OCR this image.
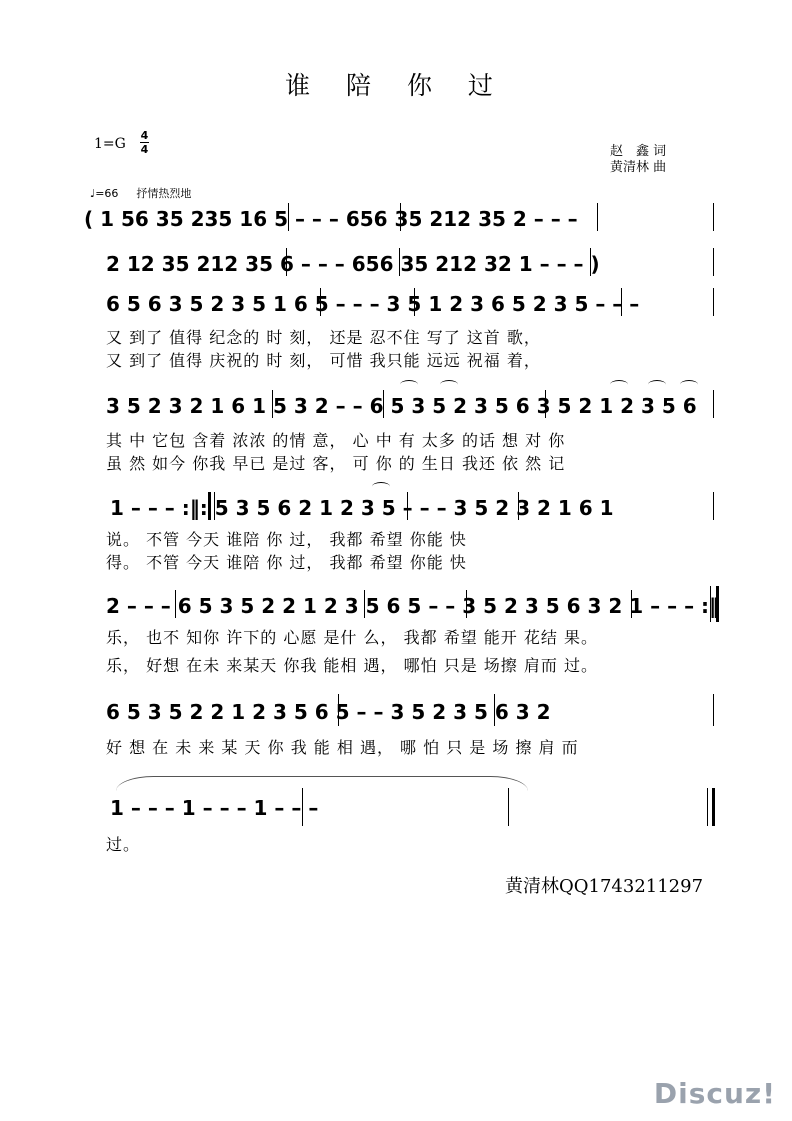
谁 陪 你 过
1=G
4
4	赵　鑫 词
黄清林 曲
♩=66 抒情热烈地
( 1 56 35 235 16 5 – – – 656 35 212 35 2 – – –
2 12 35 212 35 6 – – – 656 35 212 32 1 – – – )
6 5 6 3 5 2 3 5 1 6 5 – – – 3 5 1 2 3 6 5 2 3 5 – – –
又 到了 值得 纪念的 时 刻， 还是 忍不住 写了 这首 歌，
又 到了 值得 庆祝的 时 刻， 可惜 我只能 远远 祝福 着，
3 5 2 3 2 1 6 1 5 3 2 – – 6 5 3 5 2 3 5 6 3 5 2 1 2 3 5 6
其 中 它包 含着 浓浓 的情 意， 心 中 有 太多 的话 想 对 你
虽 然 如今 你我 早已 是过 客， 可 你 的 生日 我还 依 然 记
1 – – – :‖: 5 3 5 6 2 1 2 3 5 – – – 3 5 2 3 2 1 6 1
说。 不管 今天 谁陪 你 过， 我都 希望 你能 快
得。 不管 今天 谁陪 你 过， 我都 希望 你能 快
2 – – – 6 5 3 5 2 2 1 2 3 5 6 5 – – 3 5 2 3 5 6 3 2 1 – – – :‖
乐， 也不 知你 许下的 心愿 是什 么， 我都 希望 能开 花结 果。
乐， 好想 在未 来某天 你我 能相 遇， 哪怕 只是 场擦 肩而 过。
6 5 3 5 2 2 1 2 3 5 6 5 – – 3 5 2 3 5 6 3 2
好 想 在 未 来 某 天 你 我 能 相 遇， 哪 怕 只 是 场 擦 肩 而
1 – – – 1 – – – 1 – – –
过。
黄清林QQ1743211297
Discuz!
